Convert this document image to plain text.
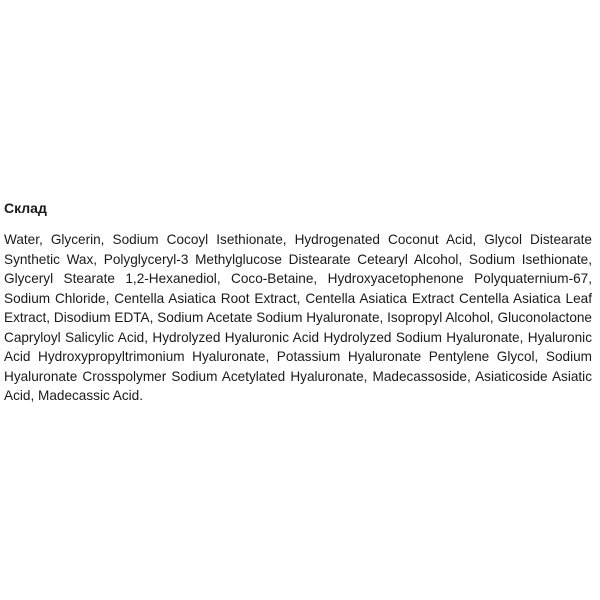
Склад

Water, Glycerin, Sodium Cocoyl Isethionate, Hydrogenated Coconut Acid, Glycol Distearate Synthetic Wax, Polyglyceryl-3 Methylglucose Distearate Cetearyl Alcohol, Sodium Isethionate, Glyceryl Stearate 1,2-Hexanediol, Coco-Betaine, Hydroxyacetophenone Polyquaternium-67, Sodium Chloride, Centella Asiatica Root Extract, Centella Asiatica Extract Centella Asiatica Leaf Extract, Disodium EDTA, Sodium Acetate Sodium Hyaluronate, Isopropyl Alcohol, Gluconolactone Capryloyl Salicylic Acid, Hydrolyzed Hyaluronic Acid Hydrolyzed Sodium Hyaluronate, Hyaluronic Acid Hydroxypropyltrimonium Hyaluronate, Potassium Hyaluronate Pentylene Glycol, Sodium Hyaluronate Crosspolymer Sodium Acetylated Hyaluronate, Madecassoside, Asiaticoside Asiatic Acid, Madecassic Acid.
